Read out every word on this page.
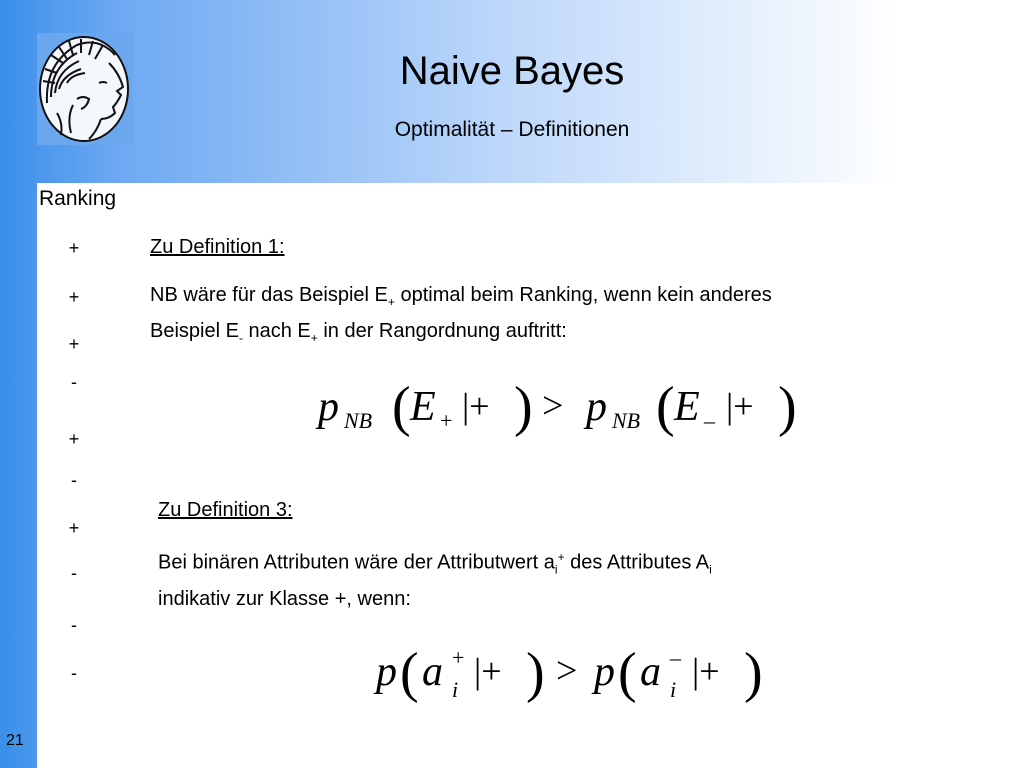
Naive Bayes
Optimalität – Definitionen
Ranking
+
+
+
-
+
-
+
-
-
-
Zu Definition 1:
NB wäre für das Beispiel $E_+$ optimal beim Ranking, wenn kein anderes
Beispiel $E_-$ nach $E_+$ in der Rangordnung auftritt:
p NB ( E + |+ ) > p NB ( E – |+ )
Zu Definition 3:
Bei binären Attributen wäre der Attributwert $a_i^+$ des Attributes $A_i$
indikativ zur Klasse +, wenn:
p ( a +
i |+ ) > p ( a –
i |+ )
21
